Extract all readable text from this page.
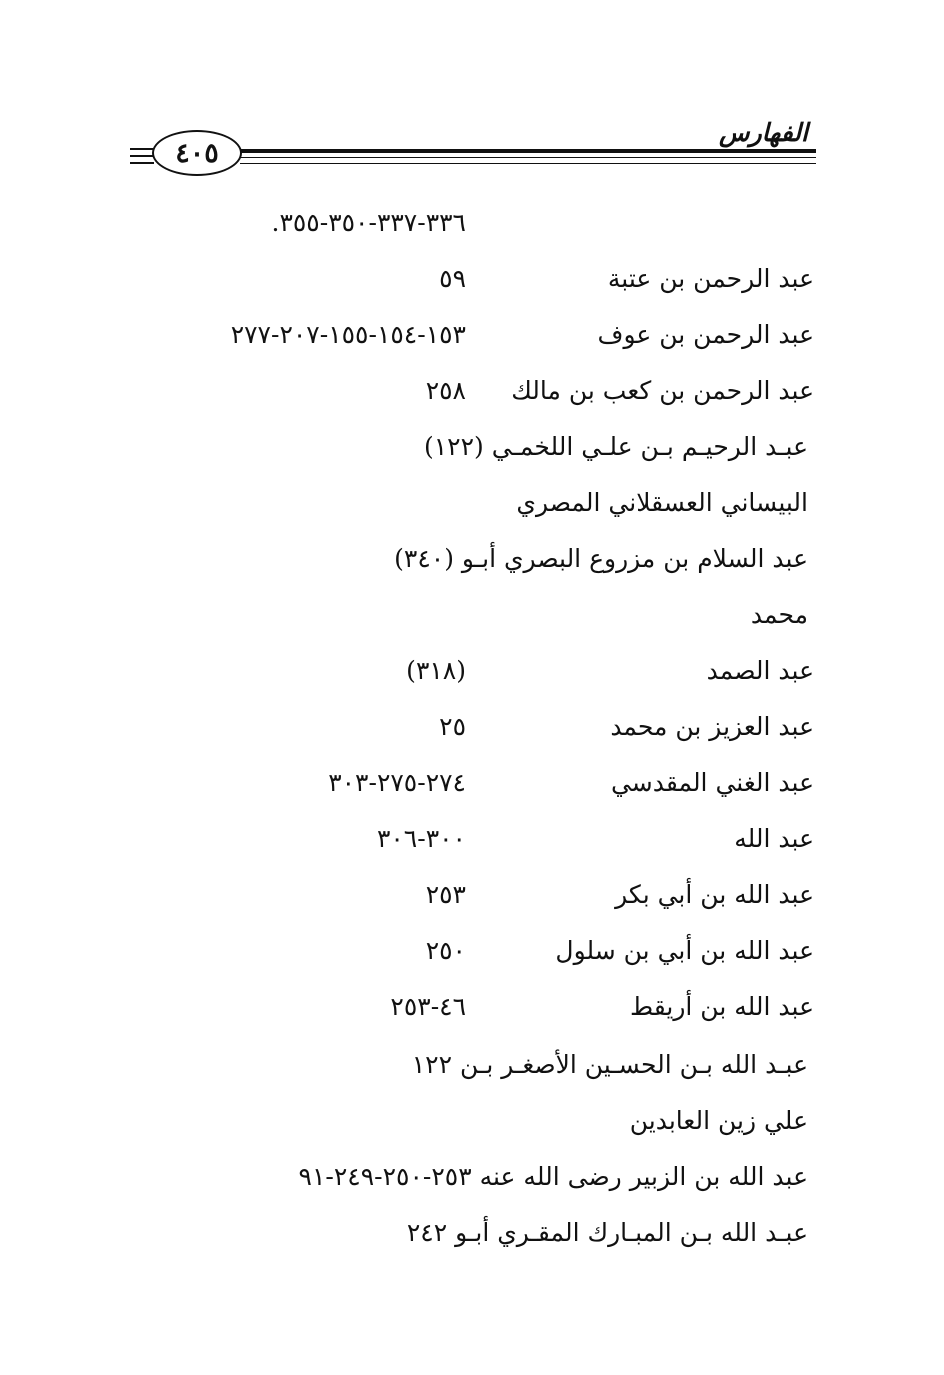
الفهارس
٤٠٥
٣٣٦-٣٣٧-٣٥٠-٣٥٥.
عبد الرحمن بن عتبة
٥٩
عبد الرحمن بن عوف
١٥٣-١٥٤-١٥٥-٢٠٧-٢٧٧
عبد الرحمن بن كعب بن مالك
٢٥٨
عبـد الرحيـم بـن علـي اللخمـي (١٢٢)
البيساني العسقلاني المصري
عبد السلام بن مزروع البصري أبـو (٣٤٠)
محمد
عبد الصمد
(٣١٨)
عبد العزيز بن محمد
٢٥
عبد الغني المقدسي
٢٧٤-٢٧٥-٣٠٣
عبد الله
٣٠٠-٣٠٦
عبد الله بن أبي بكر
٢٥٣
عبد الله بن أبي بن سلول
٢٥٠
عبد الله بن أريقط
٤٦-٢٥٣
عبـد الله بـن الحسـين الأصغـر بـن ١٢٢
علي زين العابدين
عبد الله بن الزبير رضى الله عنه ٢٥٣-٢٥٠-٢٤٩-٩١
عبـد الله بـن المبـارك المقـري أبـو ٢٤٢
